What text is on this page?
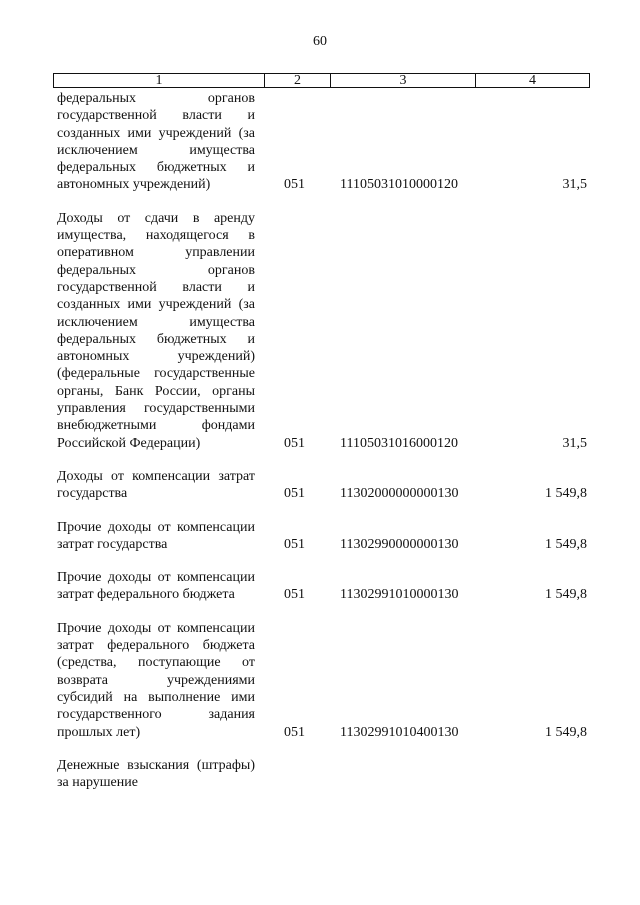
60
1	2	3	4
федеральных органов государственной власти и созданных ими учреждений (за исключением имущества федеральных бюджетных и автономных учреждений)	051	11105031010000120	31,5
Доходы от сдачи в аренду имущества, находящегося в оперативном управлении федеральных органов государственной власти и созданных ими учреждений (за исключением имущества федеральных бюджетных и автономных учреждений) (федеральные государственные органы, Банк России, органы управления государственными внебюджетными фондами Российской Федерации)	051	11105031016000120	31,5
Доходы от компенсации затрат государства	051	11302000000000130	1 549,8
Прочие доходы от компенсации затрат государства	051	11302990000000130	1 549,8
Прочие доходы от компенсации затрат федерального бюджета	051	11302991010000130	1 549,8
Прочие доходы от компенсации затрат федерального бюджета (средства, поступающие от возврата учреждениями субсидий на выполнение ими государственного задания прошлых лет)	051	11302991010400130	1 549,8
Денежные взыскания (штрафы) за нарушение
